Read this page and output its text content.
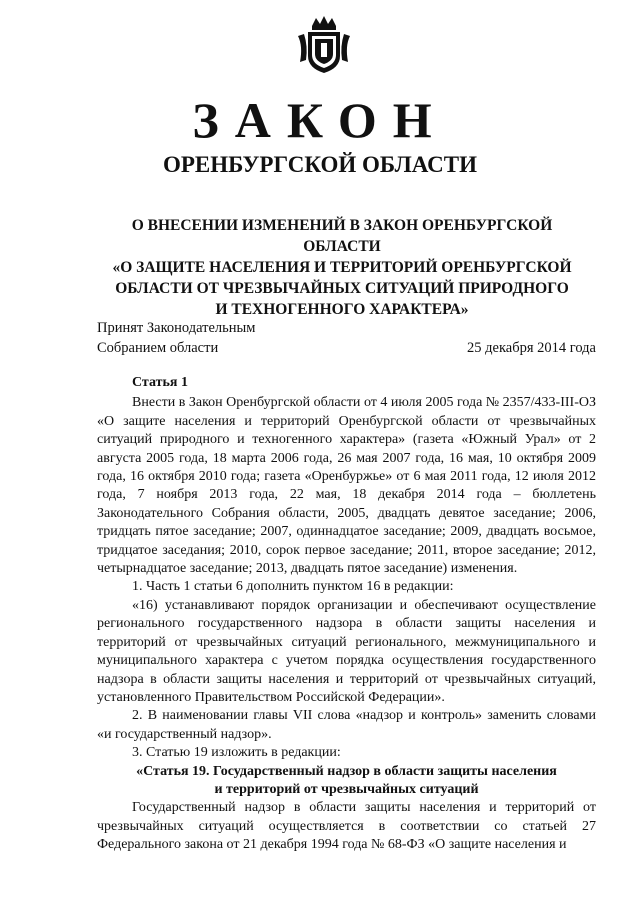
ЗАКОН
ОРЕНБУРГСКОЙ ОБЛАСТИ
О ВНЕСЕНИИ ИЗМЕНЕНИЙ В ЗАКОН ОРЕНБУРГСКОЙ ОБЛАСТИ
«О ЗАЩИТЕ НАСЕЛЕНИЯ И ТЕРРИТОРИЙ ОРЕНБУРГСКОЙ
ОБЛАСТИ ОТ ЧРЕЗВЫЧАЙНЫХ СИТУАЦИЙ ПРИРОДНОГО
И ТЕХНОГЕННОГО ХАРАКТЕРА»
Принят Законодательным
Собранием области	25 декабря 2014 года
Статья 1

Внести в Закон Оренбургской области от 4 июля 2005 года № 2357/433-III-ОЗ «О защите населения и территорий Оренбургской области от чрезвычайных ситуаций природного и техногенного характера» (газета «Южный Урал» от 2 августа 2005 года, 18 марта 2006 года, 26 мая 2007 года, 16 мая, 10 октября 2009 года, 16 октября 2010 года; газета «Оренбуржье» от 6 мая 2011 года, 12 июля 2012 года, 7 ноября 2013 года, 22 мая, 18 декабря 2014 года – бюллетень Законодательного Собрания области, 2005, двадцать девятое заседание; 2006, тридцать пятое заседание; 2007, одиннадцатое заседание; 2009, двадцать восьмое, тридцатое заседания; 2010, сорок первое заседание; 2011, второе заседание; 2012, четырнадцатое заседание; 2013, двадцать пятое заседание) изменения.

1. Часть 1 статьи 6 дополнить пунктом 16 в редакции:

«16) устанавливают порядок организации и обеспечивают осуществление регионального государственного надзора в области защиты населения и территорий от чрезвычайных ситуаций регионального, межмуниципального и муниципального характера с учетом порядка осуществления государственного надзора в области защиты населения и территорий от чрезвычайных ситуаций, установленного Правительством Российской Федерации».

2. В наименовании главы VII слова «надзор и контроль» заменить словами «и государственный надзор».

3. Статью 19 изложить в редакции:

«Статья 19. Государственный надзор в области защиты населения

и территорий от чрезвычайных ситуаций

Государственный надзор в области защиты населения и территорий от чрезвычайных ситуаций осуществляется в соответствии со статьей 27 Федерального закона от 21 декабря 1994 года № 68-ФЗ «О защите населения и
